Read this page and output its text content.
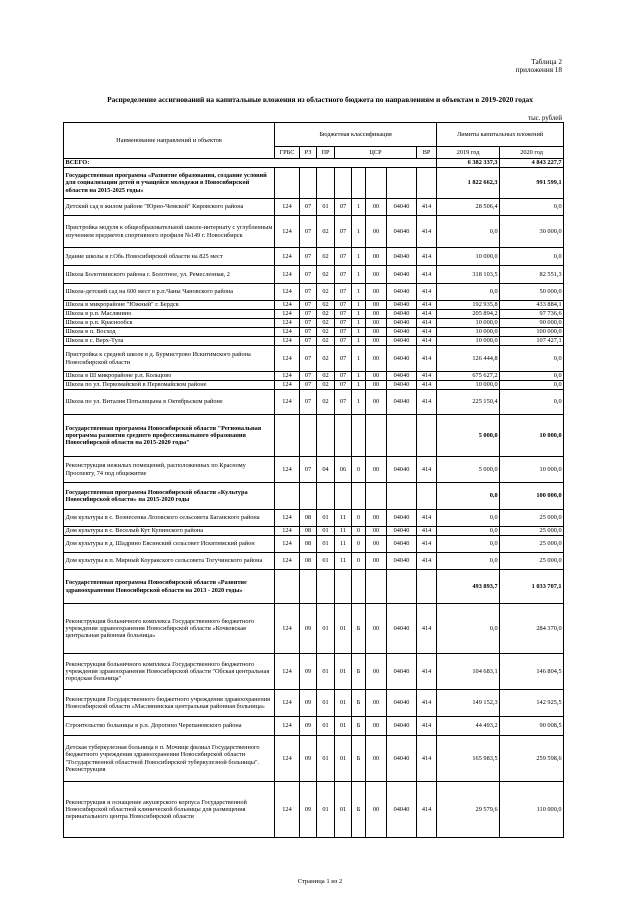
Таблица 2
приложения 18
Распределение ассигнований на капитальные вложения из областного бюджета по направлениям и объектам в 2019-2020 годах
тыс. рублей
Наименование направлений и объектов	Бюджетная классификация								Лимиты капитальных вложений	
	ГРБС	РЗ	ПР	ЦСР				ВР	2019 год	2020 год
ВСЕГО:									6 382 337,3	4 843 227,7
Государственная программа «Развитие образования, создание условий для социализации детей и учащейся молодежи в Новосибирской области на 2015-2025 годы»									1 822 662,3	991 599,1
Детский сад в жилом районе "Юрно-Чемской" Кировского района	124	07	01	07	1	00	04040	414	28 506,4	0,0
Пристройка модуля к общеобразовательной школе-интернату с углубленным изучением предметов спортивного профиля №149 г. Новосибирск	124	07	02	07	1	00	04040	414	0,0	30 000,0
Здание школы в г.Обь Новосибирской области на 825 мест	124	07	02	07	1	00	04040	414	10 000,0	0,0
Школа Болотнинского района г. Болотное, ул. Ремесленная, 2	124	07	02	07	1	00	04040	414	318 103,5	82 551,3
Школа-детский сад на 600 мест в р.п.Чаны Чановского района	124	07	02	07	1	00	04040	414	0,0	50 000,0
Школа в микрорайоне "Южный" г. Бердск	124	07	02	07	1	00	04040	414	192 935,8	433 884,1
Школа в р.п. Маслянино	124	07	02	07	1	00	04040	414	205 894,2	97 736,6
Школа в р.п. Краснообск	124	07	02	07	1	00	04040	414	10 000,0	90 000,0
Школа в п. Восход	124	07	02	07	1	00	04040	414	10 000,0	100 000,0
Школа в с. Верх-Тула	124	07	02	07	1	00	04040	414	10 000,0	107 427,1
Пристройка к средней школе в д. Бурмистрово Искитимского района Новосибирской области	124	07	02	07	1	00	04040	414	126 444,8	0,0
Школа в Ш микрорайоне р.п. Кольцово	124	07	02	07	1	00	04040	414	675 627,2	0,0
Школа по ул. Первомайской в Первомайском районе	124	07	02	07	1	00	04040	414	10 000,0	0,0
Школа по ул. Виталия Потылицына в Октябрьском районе	124	07	02	07	1	00	04040	414	225 150,4	0,0
Государственная программа Новосибирской области "Региональная программа развития среднего профессионального образования Новосибирской области на 2015-2020 годы"									5 000,0	10 000,0
Реконструкция нежилых помещений, расположенных по Красному Проспекту, 74 под общежитие	124	07	04	06	0	00	04040	414	5 000,0	10 000,0
Государственная программа Новосибирской области «Культура Новосибирской области» на 2015-2020 годы									0,0	100 000,0
Дом культуры в с. Вознесенка Лозовского сельсовета Баганского района	124	08	01	11	0	00	04040	414	0,0	25 000,0
Дом культуры в с. Веселый Кут Купинского района	124	08	01	11	0	00	04040	414	0,0	25 000,0
Дом культуры в д. Шадрино Евсинский сельсовет Искитимский район	124	08	01	11	0	00	04040	414	0,0	25 000,0
Дом культуры в п. Мирный Коуракского сельсовета Тогучинского района	124	08	01	11	0	00	04040	414	0,0	25 000,0
Государственная программа Новосибирской области «Развитие здравоохранения Новосибирской области на 2013 - 2020 годы»									493 893,7	1 033 707,1
Реконструкция больничного комплекса Государственного бюджетного учреждения здравоохранения Новосибирской области «Кочковская центральная районная больница»	124	09	01	01	Б	00	04040	414	0,0	284 370,0
Реконструкция больничного комплекса Государственного бюджетного учреждения здравоохранения Новосибирской области "Обская центральная городская больница"	124	09	01	01	Б	00	04040	414	104 683,1	146 804,5
Реконструкция Государственного бюджетного учреждения здравоохранения Новосибирской области «Маслянинская центральная районная больница»	124	09	01	01	Б	00	04040	414	149 152,3	142 925,5
Строительство больницы в р.п. Дорогино Черепановского района	124	09	01	01	Б	00	04040	414	44 493,2	90 008,5
Детская туберкулезная больница в п. Мочище филиал Государственного бюджетного учреждения здравоохранения Новосибирской области "Государственной областной Новосибирской туберкулезной больницы". Реконструкция	124	09	01	01	Б	00	04040	414	165 983,5	259 598,6
Реконструкция и оснащение акушерского корпуса Государственной Новосибирской областной клинической больницы для размещения перинатального центра Новосибирской области	124	09	01	01	Б	00	04040	414	29 579,6	110 000,0
Страница 1 из 2
